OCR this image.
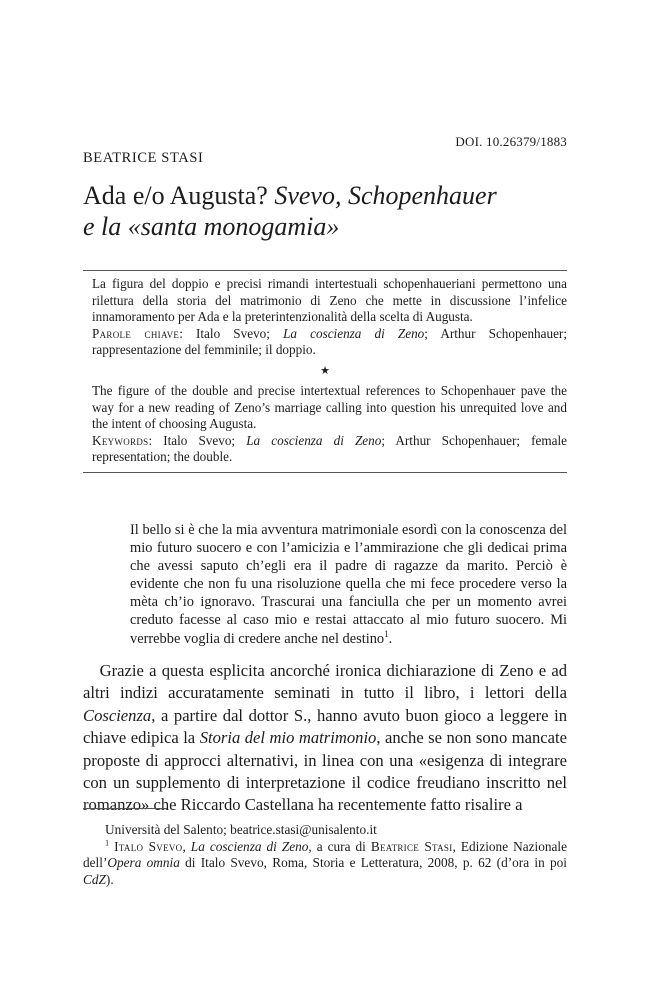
DOI. 10.26379/1883
BEATRICE STASI
Ada e/o Augusta? Svevo, Schopenhauer
e la «santa monogamia»

La figura del doppio e precisi rimandi intertestuali schopenhaueriani permettono una rilettura della storia del matrimonio di Zeno che mette in discussione l’infelice innamoramento per Ada e la preterintenzionalità della scelta di Augusta.

Parole chiave: Italo Svevo; La coscienza di Zeno; Arthur Schopenhauer; rappresentazione del femminile; il doppio.

★

The figure of the double and precise intertextual references to Schopenhauer pave the way for a new reading of Zeno’s marriage calling into question his unrequited love and the intent of choosing Augusta.

Keywords: Italo Svevo; La coscienza di Zeno; Arthur Schopenhauer; female representation; the double.

Il bello si è che la mia avventura matrimoniale esordì con la conoscenza del mio futuro suocero e con l’amicizia e l’ammirazione che gli dedicai prima che avessi saputo ch’egli era il padre di ragazze da marito. Perciò è evidente che non fu una risoluzione quella che mi fece procedere verso la mèta ch’io ignoravo. Trascurai una fanciulla che per un momento avrei creduto facesse al caso mio e restai attaccato al mio futuro suocero. Mi verrebbe voglia di credere anche nel destino$^1$.

 Grazie a questa esplicita ancorché ironica dichiarazione di Zeno e ad altri indizi accuratamente seminati in tutto il libro, i lettori della Coscienza, a partire dal dottor S., hanno avuto buon gioco a leggere in chiave edipica la Storia del mio matrimonio, anche se non sono mancate proposte di approcci alternativi, in linea con una «esigenza di integrare con un supplemento di interpretazione il codice freudiano inscritto nel romanzo» che Riccardo Castellana ha recentemente fatto risalire a

Università del Salento; beatrice.stasi@unisalento.it

$^1$ Italo Svevo, La coscienza di Zeno, a cura di Beatrice Stasi, Edizione Nazionale dell’Opera omnia di Italo Svevo, Roma, Storia e Letteratura, 2008, p. 62 (d’ora in poi CdZ).
